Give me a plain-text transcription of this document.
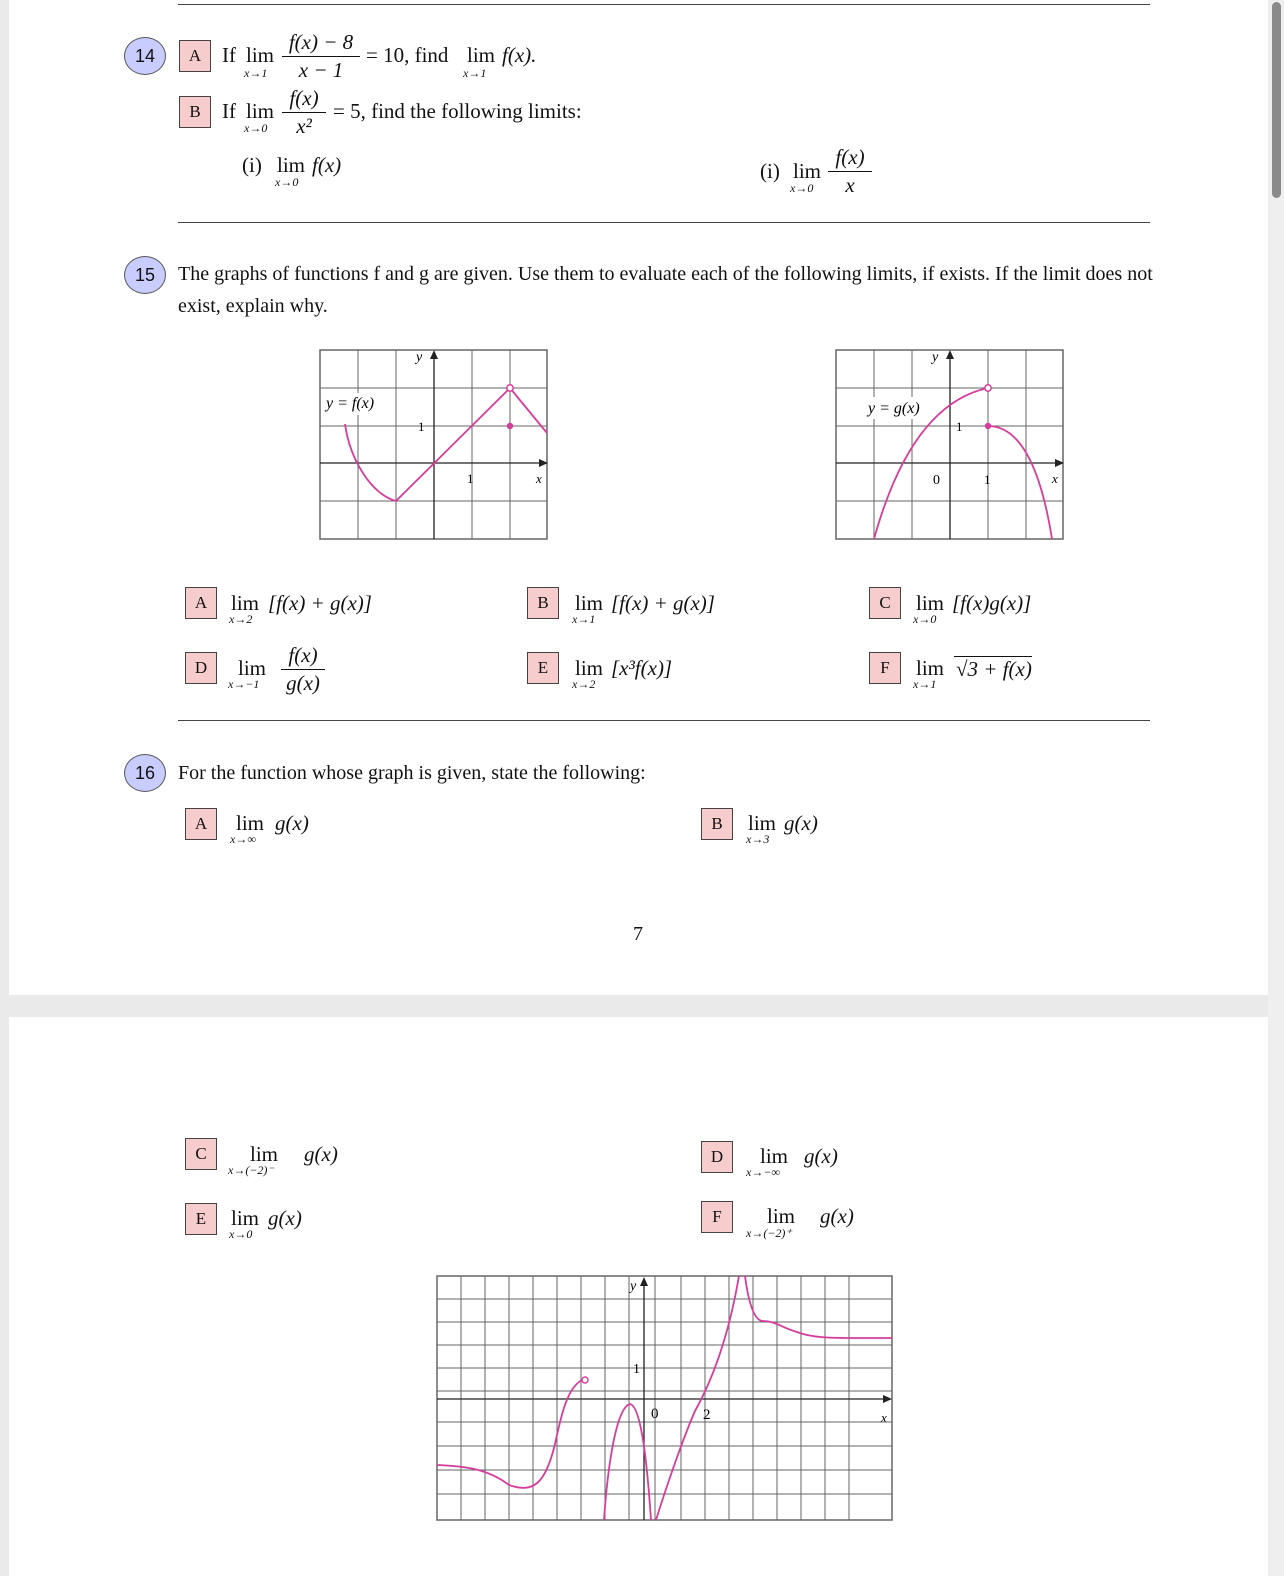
14	A If lim
$x\to 1 \frac{f(x) - 8}{x - 1} = 10$, find lim
x→1
f(x).
B	If lim
$x\to 0 \frac{f(x)}{\text{x²}} = 5$, find the following limits:
(i) lim
x→0
f(x)	(i) lim
$x\to 0 \frac{f(x)}{x}$
15	The graphs of functions f and g are given. Use them to evaluate each of the following limits, if exists. If the limit does not exist, explain why.
y = f(x)
y
x
1
1
y = g(x)
y
x
1
0	1
A	lim
x→2
[f(x) + g(x)]	B	lim
x→1
[f(x) + g(x)]	C	lim
x→0
[f(x)g(x)]
D	lim
$x\to-1 \frac{f(x)}{g(x)}$	E	lim
x→2
[x³f(x)]	F	lim
x→1
√3 + f(x)
16	For the function whose graph is given, state the following:
A	lim
x→∞
g(x)	B	lim
x→3
g(x)
7
C	lim
x→(−2)⁻
g(x)	D	lim
x→−∞
g(x)
E	lim
x→0
g(x)	F	lim
x→(−2)⁺
g(x)
y
x
1
0	2
